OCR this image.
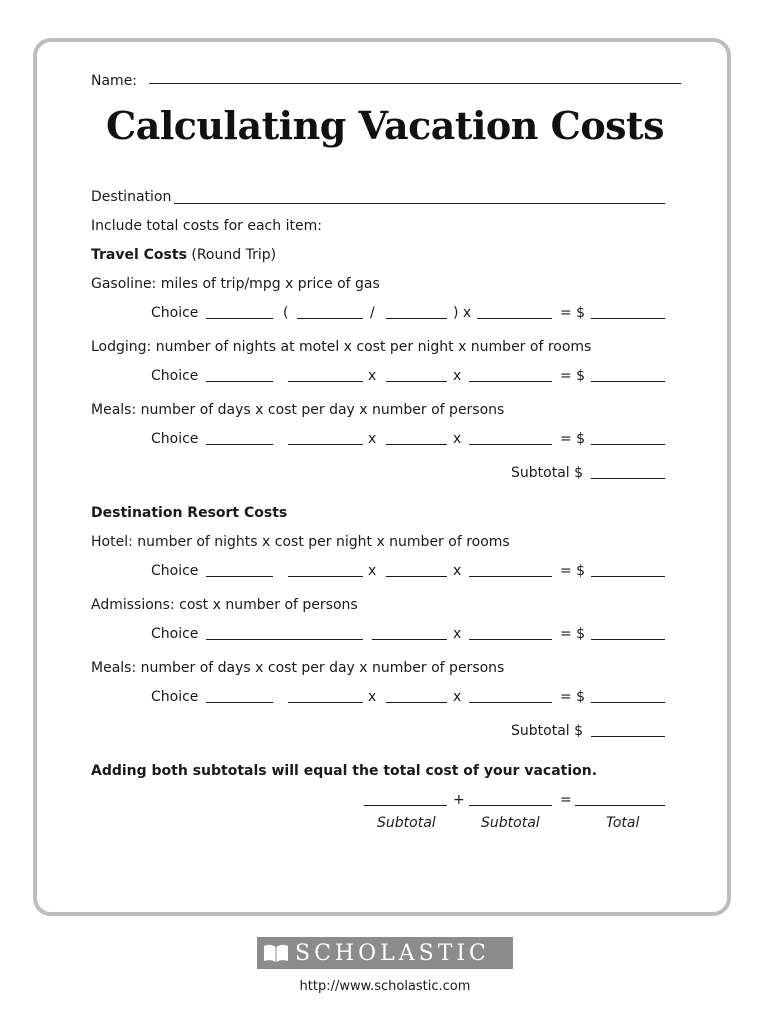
Name:
Calculating Vacation Costs
Destination
Include total costs for each item:
Travel Costs (Round Trip)
Gasoline: miles of trip/mpg x price of gas
Choice	(	/	) x	= $
Lodging: number of nights at motel x cost per night x number of rooms
Choice	x	x	= $
Meals: number of days x cost per day x number of persons
Choice	x	x	= $
Subtotal $
Destination Resort Costs
Hotel: number of nights x cost per night x number of rooms
Choice	x	x	= $
Admissions: cost x number of persons
Choice	x	= $
Meals: number of days x cost per day x number of persons
Choice	x	x	= $
Subtotal $
Adding both subtotals will equal the total cost of your vacation.
+	=
Subtotal	Subtotal	Total
SCHOLASTIC
http://www.scholastic.com
